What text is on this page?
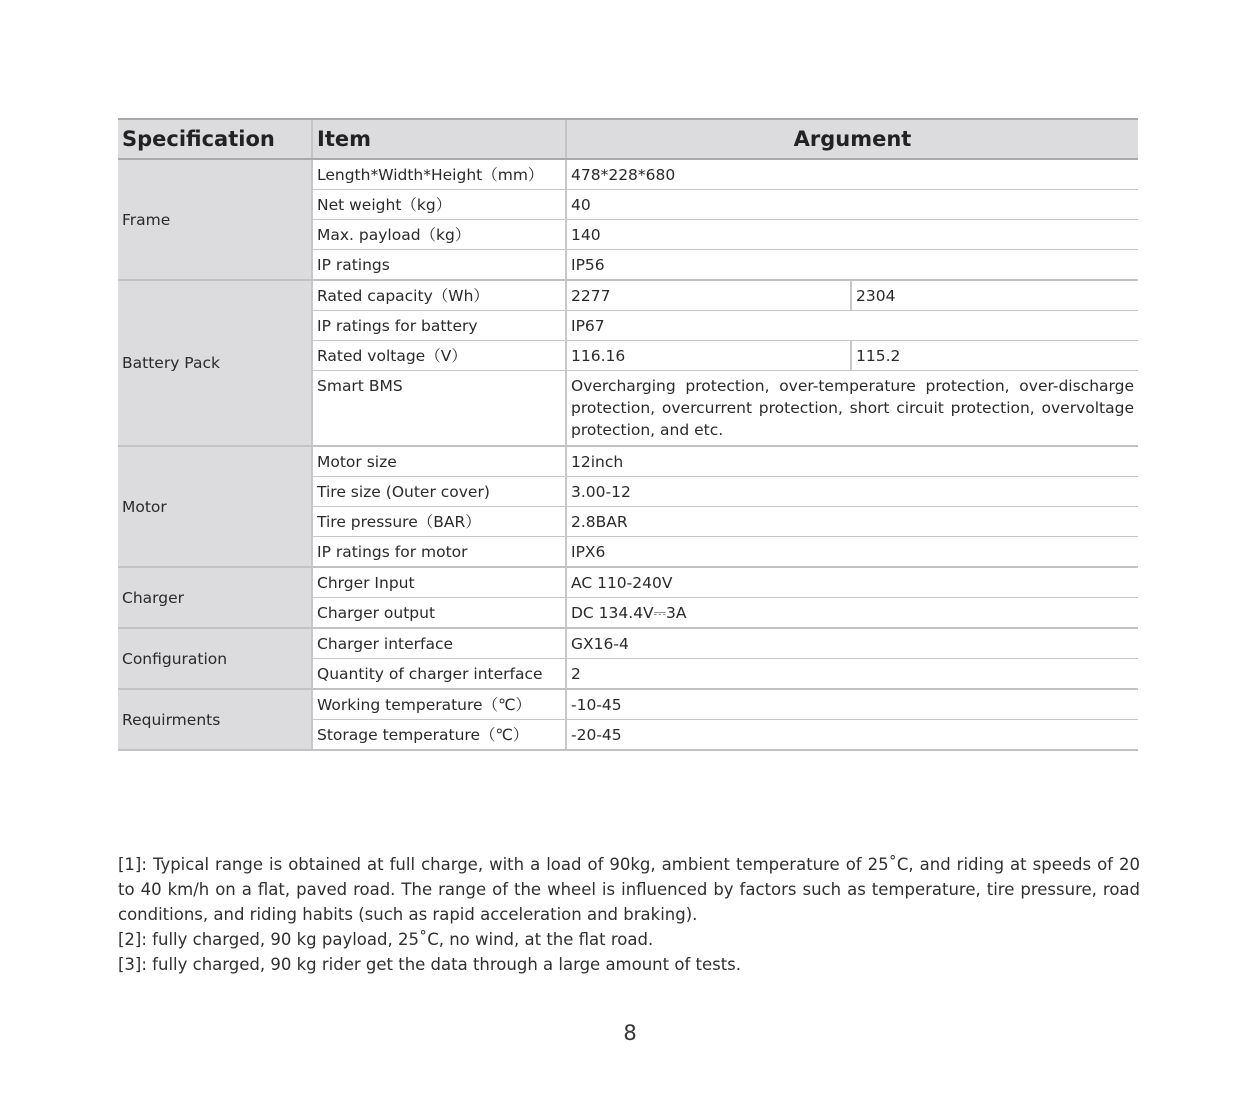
Specification	Item	Argument	
Frame	Length*Width*Height（mm）	478*228*680	
	Net weight（kg）	40	
	Max. payload（kg）	140	
	IP ratings	IP56	
Battery Pack	Rated capacity（Wh）	2277	2304
	IP ratings for battery	IP67	
	Rated voltage（V）	116.16	115.2
	Smart BMS	Overcharging protection, over-temperature protection, over-discharge protection, overcurrent protection, short circuit protection, overvoltage protection, and etc.	
Motor	Motor size	12inch	
	Tire size (Outer cover)	3.00-12	
	Tire pressure（BAR）	2.8BAR	
	IP ratings for motor	IPX6	
Charger	Chrger Input	AC 110-240V	
	Charger output	DC 134.4V⎓3A	
Configuration	Charger interface	GX16-4	
	Quantity of charger interface	2	
Requirments	Working temperature（℃）	-10-45	
	Storage temperature（℃）	-20-45	

[1]: Typical range is obtained at full charge, with a load of 90kg, ambient temperature of 25˚C, and riding at speeds of 20 to 40 km/h on a flat, paved road. The range of the wheel is influenced by factors such as temperature, tire pressure, road conditions, and riding habits (such as rapid acceleration and braking).

[2]: fully charged, 90 kg payload, 25˚C, no wind, at the flat road.

[3]: fully charged, 90 kg rider get the data through a large amount of tests.

8
